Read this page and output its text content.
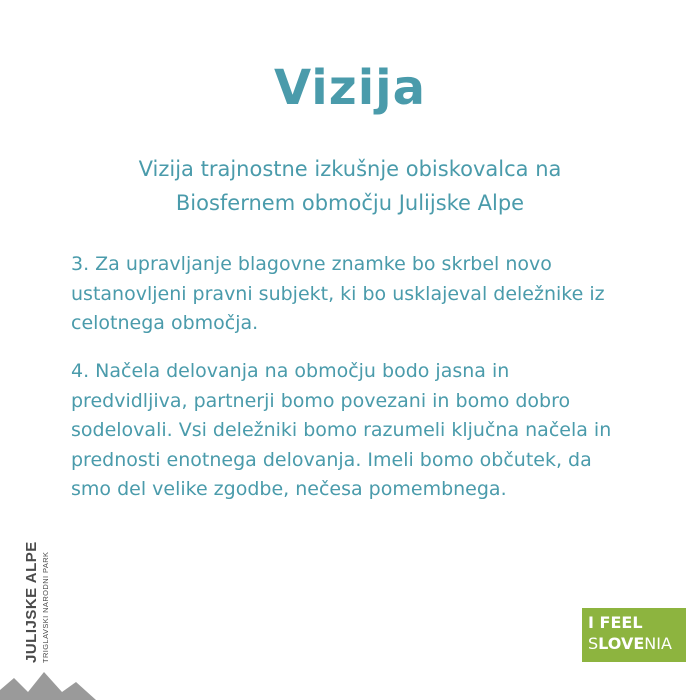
Vizija
Vizija trajnostne izkušnje obiskovalca na
Biosfernem območju Julijske Alpe
3. Za upravljanje blagovne znamke bo skrbel novo
ustanovljeni pravni subjekt, ki bo usklajeval deležnike iz
celotnega območja.
4. Načela delovanja na območju bodo jasna in
predvidljiva, partnerji bomo povezani in bomo dobro
sodelovali. Vsi deležniki bomo razumeli ključna načela in
prednosti enotnega delovanja. Imeli bomo občutek, da
smo del velike zgodbe, nečesa pomembnega.
JULIJSKE ALPE TRIGLAVSKI NARODNI PARK	I FEEL
SLOVENIA
